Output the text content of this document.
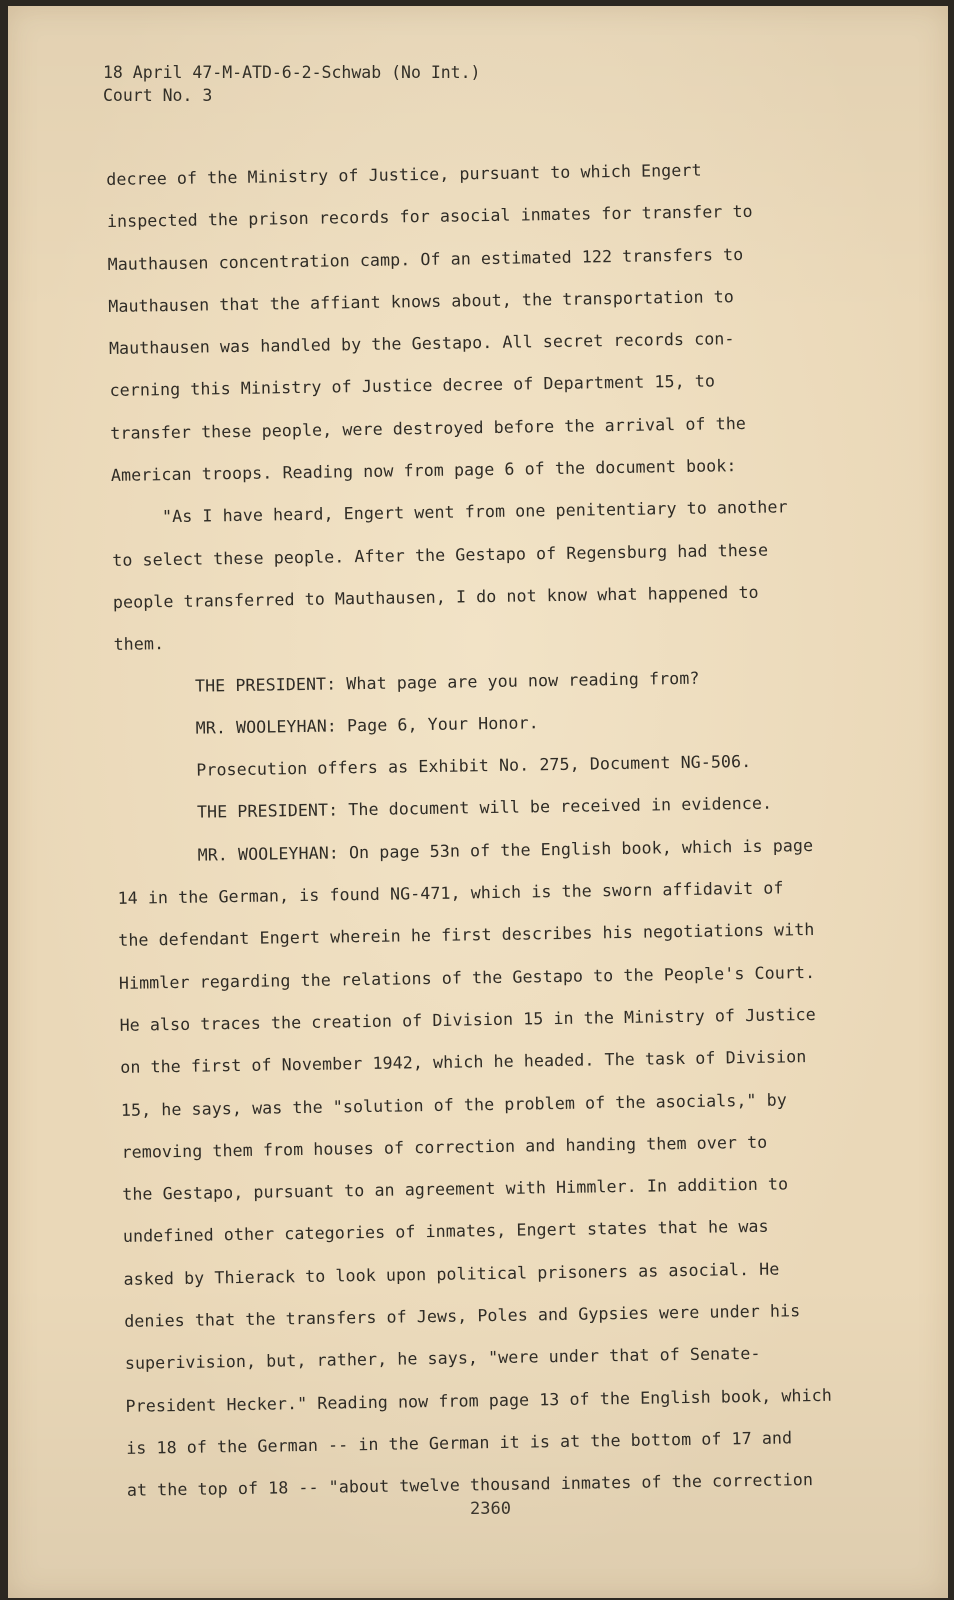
18 April 47-M-ATD-6-2-Schwab (No Int.)
Court No. 3
decree of the Ministry of Justice, pursuant to which Engert
inspected the prison records for asocial inmates for transfer to
Mauthausen concentration camp. Of an estimated 122 transfers to
Mauthausen that the affiant knows about, the transportation to
Mauthausen was handled by the Gestapo. All secret records con-
cerning this Ministry of Justice decree of Department 15, to
transfer these people, were destroyed before the arrival of the
American troops. Reading now from page 6 of the document book:
"As I have heard, Engert went from one penitentiary to another
to select these people. After the Gestapo of Regensburg had these
people transferred to Mauthausen, I do not know what happened to
them.
THE PRESIDENT: What page are you now reading from?
MR. WOOLEYHAN: Page 6, Your Honor.
Prosecution offers as Exhibit No. 275, Document NG-506.
THE PRESIDENT: The document will be received in evidence.
MR. WOOLEYHAN: On page 53n of the English book, which is page
14 in the German, is found NG-471, which is the sworn affidavit of
the defendant Engert wherein he first describes his negotiations with
Himmler regarding the relations of the Gestapo to the People's Court.
He also traces the creation of Division 15 in the Ministry of Justice
on the first of November 1942, which he headed. The task of Division
15, he says, was the "solution of the problem of the asocials," by
removing them from houses of correction and handing them over to
the Gestapo, pursuant to an agreement with Himmler. In addition to
undefined other categories of inmates, Engert states that he was
asked by Thierack to look upon political prisoners as asocial. He
denies that the transfers of Jews, Poles and Gypsies were under his
superivision, but, rather, he says, "were under that of Senate-
President Hecker." Reading now from page 13 of the English book, which
is 18 of the German -- in the German it is at the bottom of 17 and
at the top of 18 -- "about twelve thousand inmates of the correction
2360
